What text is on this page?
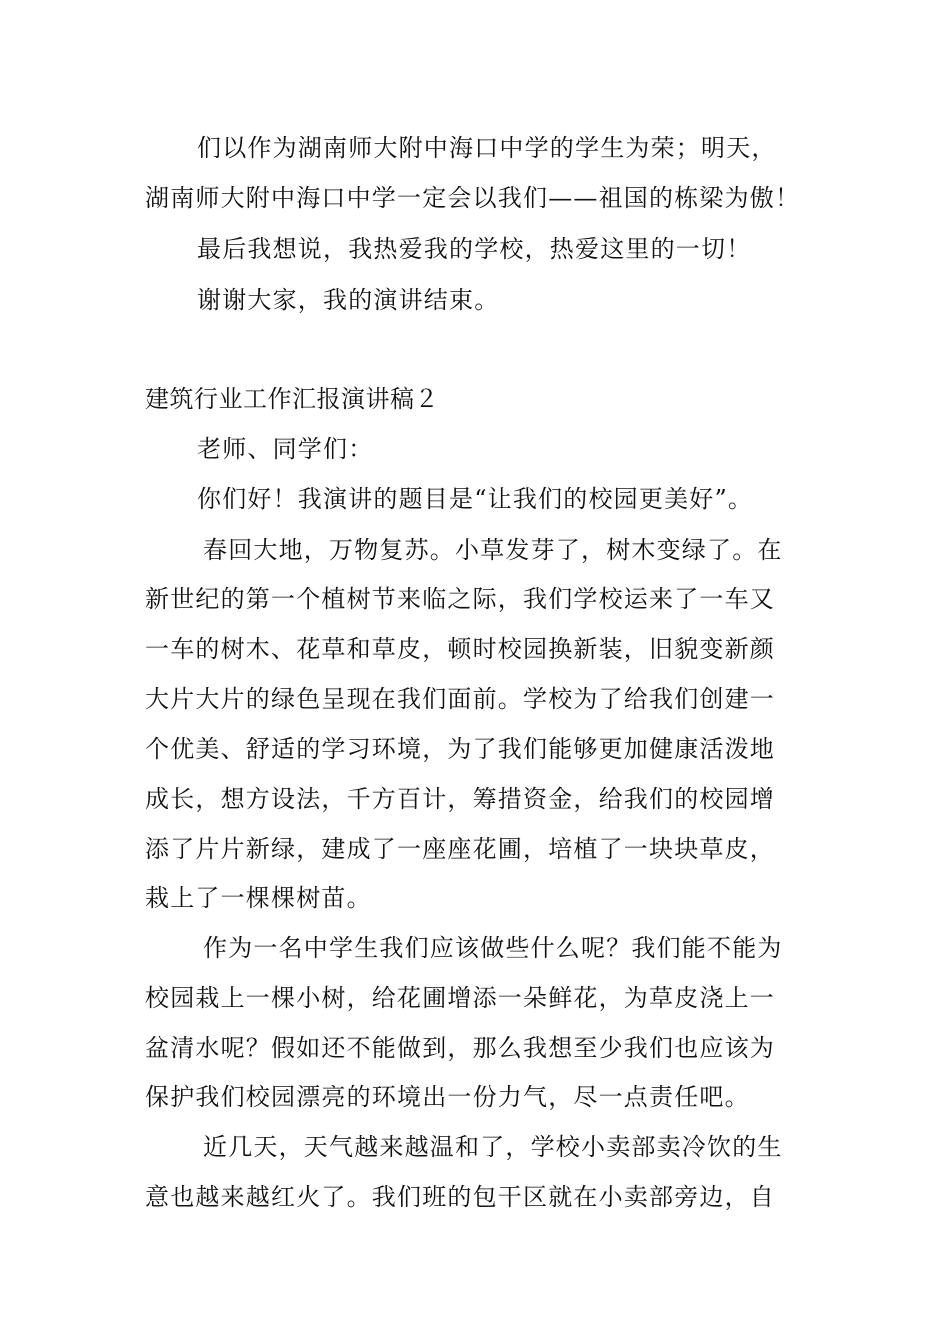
们以作为湖南师大附中海口中学的学生为荣；明天，
湖南师大附中海口中学一定会以我们——祖国的栋梁为傲！
最后我想说，我热爱我的学校，热爱这里的一切！
谢谢大家，我的演讲结束。
建筑行业工作汇报演讲稿２
老师、同学们：
你们好！我演讲的题目是“让我们的校园更美好”。
春回大地，万物复苏。小草发芽了，树木变绿了。在
新世纪的第一个植树节来临之际，我们学校运来了一车又
一车的树木、花草和草皮，顿时校园换新装，旧貌变新颜
大片大片的绿色呈现在我们面前。学校为了给我们创建一
个优美、舒适的学习环境，为了我们能够更加健康活泼地
成长，想方设法，千方百计，筹措资金，给我们的校园增
添了片片新绿，建成了一座座花圃，培植了一块块草皮，
栽上了一棵棵树苗。
作为一名中学生我们应该做些什么呢？我们能不能为
校园栽上一棵小树，给花圃增添一朵鲜花，为草皮浇上一
盆清水呢？假如还不能做到，那么我想至少我们也应该为
保护我们校园漂亮的环境出一份力气，尽一点责任吧。
近几天，天气越来越温和了，学校小卖部卖冷饮的生
意也越来越红火了。我们班的包干区就在小卖部旁边，自
